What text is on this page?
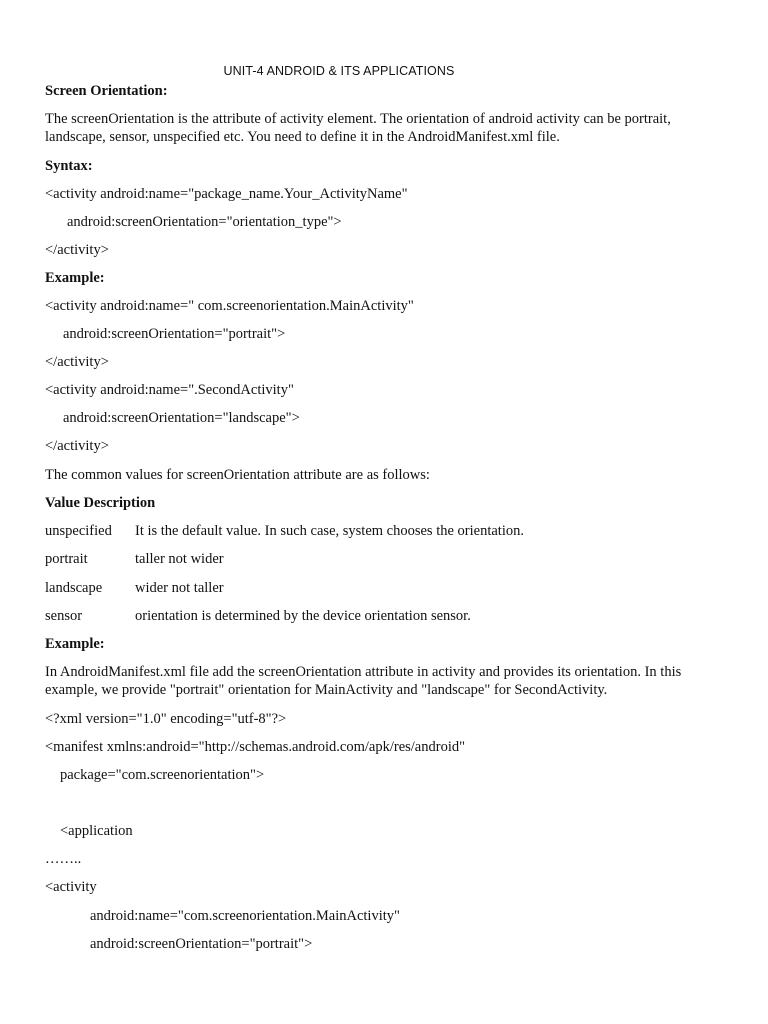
UNIT-4 ANDROID & ITS APPLICATIONS
Screen Orientation:
The screenOrientation is the attribute of activity element. The orientation of android activity can be portrait, landscape, sensor, unspecified etc. You need to define it in the AndroidManifest.xml file.
Syntax:
<activity android:name="package_name.Your_ActivityName"
android:screenOrientation="orientation_type">
</activity>
Example:
<activity android:name=" com.screenorientation.MainActivity"
android:screenOrientation="portrait">
</activity>
<activity android:name=".SecondActivity"
android:screenOrientation="landscape">
</activity>
The common values for screenOrientation attribute are as follows:
Value Description
unspecified It is the default value. In such case, system chooses the orientation.
portrait	taller not wider
landscape wider not taller
sensor	orientation is determined by the device orientation sensor.
Example:
In AndroidManifest.xml file add the screenOrientation attribute in activity and provides its orientation. In this example, we provide "portrait" orientation for MainActivity and "landscape" for SecondActivity.
<?xml version="1.0" encoding="utf-8"?>
<manifest xmlns:android="http://schemas.android.com/apk/res/android"
package="com.screenorientation">
<application
……..
<activity
android:name="com.screenorientation.MainActivity"
android:screenOrientation="portrait">
